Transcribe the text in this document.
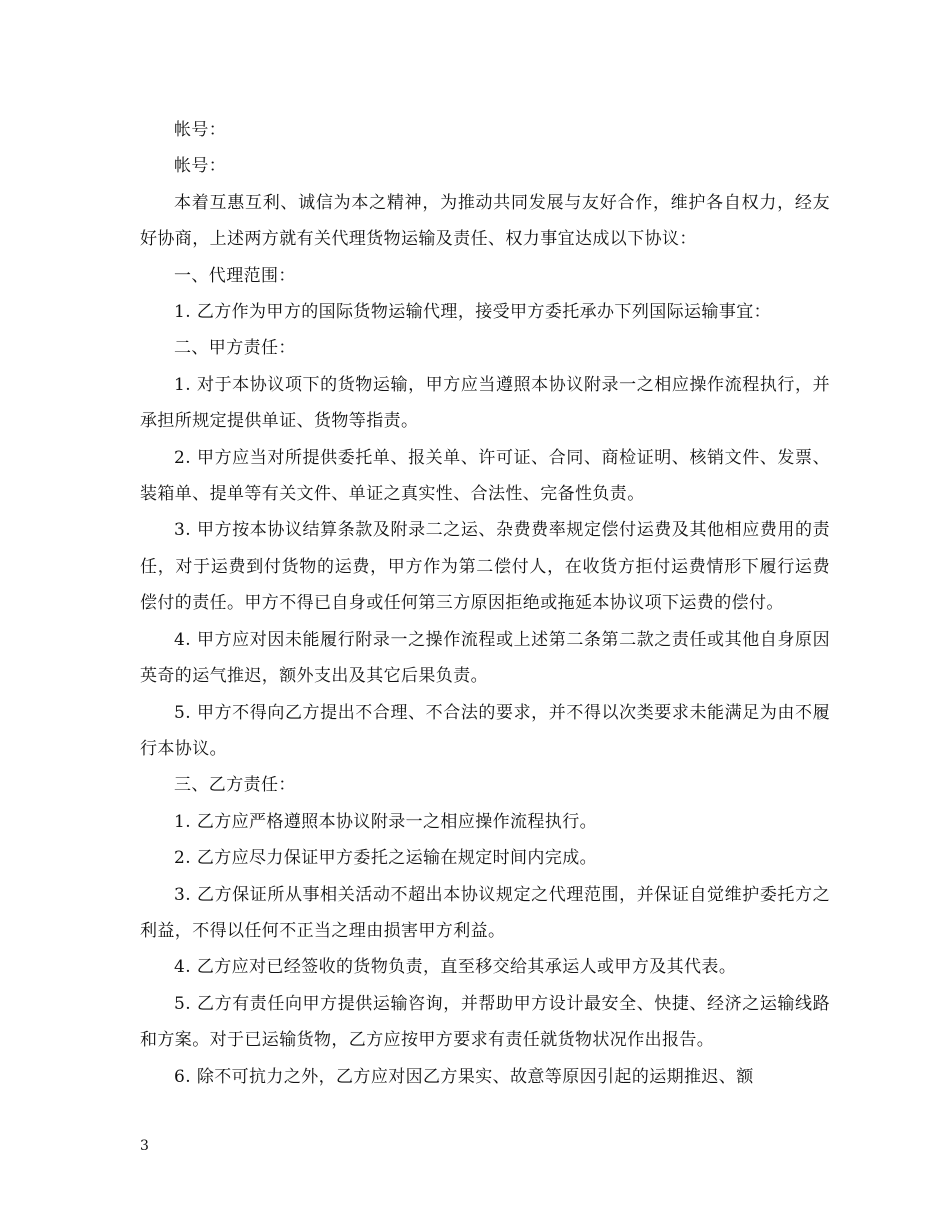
帐号：

帐号：

本着互惠互利、诚信为本之精神，为推动共同发展与友好合作，维护各自权力，经友好协商，上述两方就有关代理货物运输及责任、权力事宜达成以下协议：

一、代理范围：

1. 乙方作为甲方的国际货物运输代理，接受甲方委托承办下列国际运输事宜：

二、甲方责任：

1. 对于本协议项下的货物运输，甲方应当遵照本协议附录一之相应操作流程执行，并承担所规定提供单证、货物等指责。

2. 甲方应当对所提供委托单、报关单、许可证、合同、商检证明、核销文件、发票、装箱单、提单等有关文件、单证之真实性、合法性、完备性负责。

3. 甲方按本协议结算条款及附录二之运、杂费费率规定偿付运费及其他相应费用的责任，对于运费到付货物的运费，甲方作为第二偿付人，在收货方拒付运费情形下履行运费偿付的责任。甲方不得已自身或任何第三方原因拒绝或拖延本协议项下运费的偿付。

4. 甲方应对因未能履行附录一之操作流程或上述第二条第二款之责任或其他自身原因英奇的运气推迟，额外支出及其它后果负责。

5. 甲方不得向乙方提出不合理、不合法的要求，并不得以次类要求未能满足为由不履行本协议。

三、乙方责任：

1. 乙方应严格遵照本协议附录一之相应操作流程执行。

2. 乙方应尽力保证甲方委托之运输在规定时间内完成。

3. 乙方保证所从事相关活动不超出本协议规定之代理范围，并保证自觉维护委托方之利益，不得以任何不正当之理由损害甲方利益。

4. 乙方应对已经签收的货物负责，直至移交给其承运人或甲方及其代表。

5. 乙方有责任向甲方提供运输咨询，并帮助甲方设计最安全、快捷、经济之运输线路和方案。对于已运输货物，乙方应按甲方要求有责任就货物状况作出报告。

6. 除不可抗力之外，乙方应对因乙方果实、故意等原因引起的运期推迟、额

3
